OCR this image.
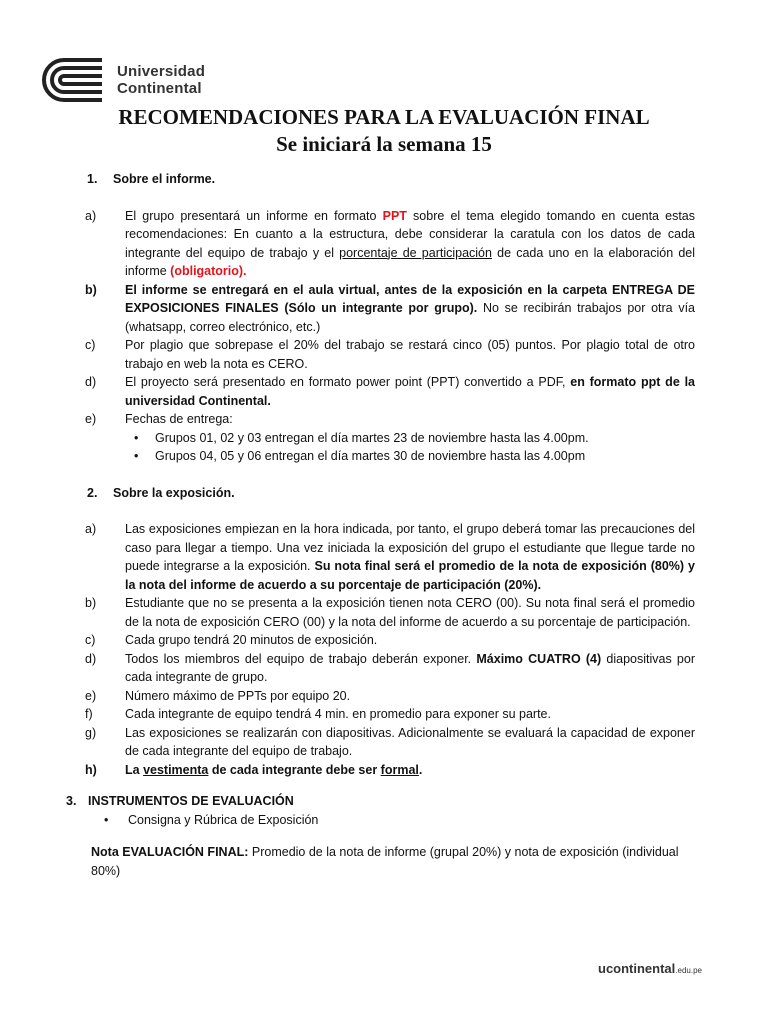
Universidad
Continental
RECOMENDACIONES PARA LA EVALUACIÓN FINAL
Se iniciará la semana 15
1. Sobre el informe.
a) El grupo presentará un informe en formato PPT sobre el tema elegido tomando en cuenta estas recomendaciones: En cuanto a la estructura, debe considerar la caratula con los datos de cada integrante del equipo de trabajo y el porcentaje de participación de cada uno en la elaboración del informe (obligatorio).
b) El informe se entregará en el aula virtual, antes de la exposición en la carpeta ENTREGA DE EXPOSICIONES FINALES (Sólo un integrante por grupo). No se recibirán trabajos por otra vía (whatsapp, correo electrónico, etc.)
c) Por plagio que sobrepase el 20% del trabajo se restará cinco (05) puntos. Por plagio total de otro trabajo en web la nota es CERO.
d) El proyecto será presentado en formato power point (PPT) convertido a PDF, en formato ppt de la universidad Continental.
e) Fechas de entrega:
• Grupos 01, 02 y 03 entregan el día martes 23 de noviembre hasta las 4.00pm.
• Grupos 04, 05 y 06 entregan el día martes 30 de noviembre hasta las 4.00pm
2. Sobre la exposición.
a) Las exposiciones empiezan en la hora indicada, por tanto, el grupo deberá tomar las precauciones del caso para llegar a tiempo. Una vez iniciada la exposición del grupo el estudiante que llegue tarde no puede integrarse a la exposición. Su nota final será el promedio de la nota de exposición (80%) y la nota del informe de acuerdo a su porcentaje de participación (20%).
b) Estudiante que no se presenta a la exposición tienen nota CERO (00). Su nota final será el promedio de la nota de exposición CERO (00) y la nota del informe de acuerdo a su porcentaje de participación.
c) Cada grupo tendrá 20 minutos de exposición.
d) Todos los miembros del equipo de trabajo deberán exponer. Máximo CUATRO (4) diapositivas por cada integrante de grupo.
e) Número máximo de PPTs por equipo 20.
f)	Cada integrante de equipo tendrá 4 min. en promedio para exponer su parte.
g) Las exposiciones se realizarán con diapositivas. Adicionalmente se evaluará la capacidad de exponer de cada integrante del equipo de trabajo.
h) La vestimenta de cada integrante debe ser formal.
3. INSTRUMENTOS DE EVALUACIÓN
• Consigna y Rúbrica de Exposición
Nota EVALUACIÓN FINAL: Promedio de la nota de informe (grupal 20%) y nota de exposición (individual 80%)
ucontinental.edu.pe
